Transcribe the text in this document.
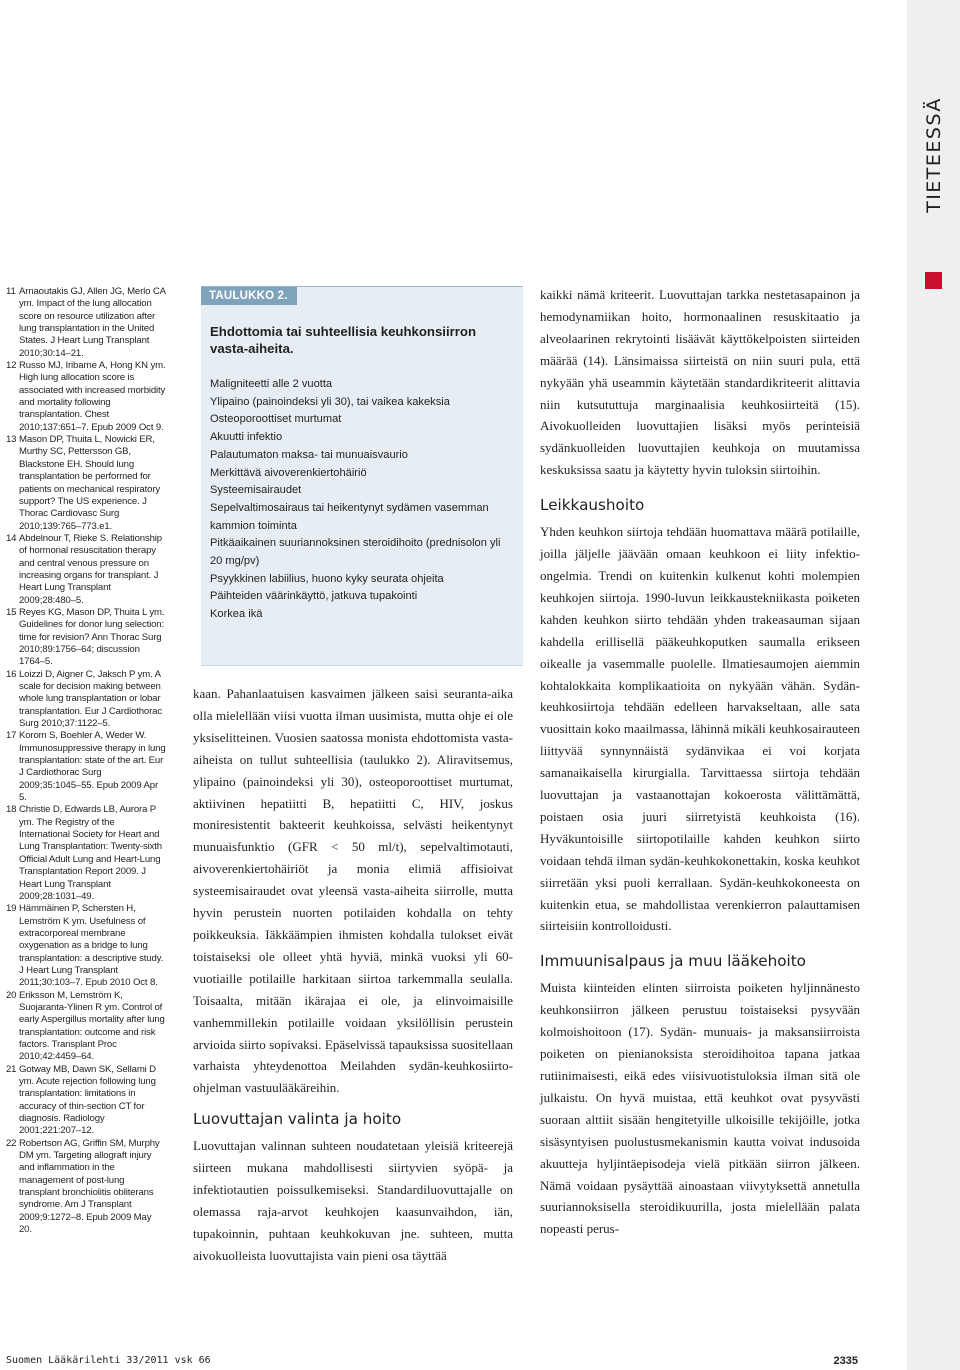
11 Arnaoutakis GJ, Allen JG, Merlo CA ym. Impact of the lung allocation score on resource utilization after lung transplantation in the United States. J Heart Lung Transplant 2010;30:14–21.
12 Russo MJ, Iribarne A, Hong KN ym. High lung allocation score is associated with increased morbidity and mortality following transplantation. Chest 2010;137:651–7. Epub 2009 Oct 9.
13 Mason DP, Thuita L, Nowicki ER, Murthy SC, Pettersson GB, Blackstone EH. Should lung transplantation be performed for patients on mechanical respiratory support? The US experience. J Thorac Cardiovasc Surg 2010;139:765–773.e1.
14 Abdelnour T, Rieke S. Relationship of hormonal resuscitation therapy and central venous pressure on increasing organs for transplant. J Heart Lung Transplant 2009;28:480–5.
15 Reyes KG, Mason DP, Thuita L ym. Guidelines for donor lung selection: time for revision? Ann Thorac Surg 2010;89:1756–64; discussion 1764–5.
16 Loizzi D, Aigner C, Jaksch P ym. A scale for decision making between whole lung transplantation or lobar transplantation. Eur J Cardiothorac Surg 2010;37:1122–5.
17 Korom S, Boehler A, Weder W. Immunosuppressive therapy in lung transplantation: state of the art. Eur J Cardiothorac Surg 2009;35:1045–55. Epub 2009 Apr 5.
18 Christie D, Edwards LB, Aurora P ym. The Registry of the International Society for Heart and Lung Transplantation: Twenty-sixth Official Adult Lung and Heart-Lung Transplantation Report 2009. J Heart Lung Transplant 2009;28:1031–49.
19 Hämmäinen P, Schersten H, Lemström K ym. Usefulness of extracorporeal membrane oxygenation as a bridge to lung transplantation: a descriptive study. J Heart Lung Transplant 2011;30:103–7. Epub 2010 Oct 8.
20 Eriksson M, Lemström K, Suojaranta-Ylinen R ym. Control of early Aspergillus mortality after lung transplantation: outcome and risk factors. Transplant Proc 2010;42:4459–64.
21 Gotway MB, Dawn SK, Sellami D ym. Acute rejection following lung transplantation: limitations in accuracy of thin-section CT for diagnosis. Radiology 2001;221:207–12.
22 Robertson AG, Griffin SM, Murphy DM ym. Targeting allograft injury and inflammation in the management of post-lung transplant bronchiolitis obliterans syndrome. Am J Transplant 2009;9:1272–8. Epub 2009 May 20.
TAULUKKO 2.
Ehdottomia tai suhteellisia keuhkonsiirron vasta-aiheita.
Maligniteetti alle 2 vuotta
Ylipaino (painoindeksi yli 30), tai vaikea kakeksia
Osteoporoottiset murtumat
Akuutti infektio
Palautumaton maksa- tai munuaisvaurio
Merkittävä aivoverenkiertohäiriö
Systeemisairaudet
Sepelvaltimosairaus tai heikentynyt sydämen vasemman kammion toiminta
Pitkäaikainen suuriannoksinen steroidihoito (prednisolon yli 20 mg/pv)
Psyykkinen labiilius, huono kyky seurata ohjeita
Päihteiden väärinkäyttö, jatkuva tupakointi
Korkea ikä

kaan. Pahanlaatuisen kasvaimen jälkeen saisi seuranta-aika olla mielellään viisi vuotta ilman uusimista, mutta ohje ei ole yksiselitteinen. Vuosien saatossa monista ehdottomista vasta-aiheista on tullut suhteellisia (taulukko 2). Aliravitsemus, ylipaino (painoindeksi yli 30), osteoporoottiset murtumat, aktiivinen hepatiitti B, hepatiitti C, HIV, joskus moniresistentit bakteerit keuhkoissa, selvästi heikentynyt munuaisfunktio (GFR < 50 ml/t), sepelvaltimotauti, aivoverenkiertohäiriöt ja monia elimiä affisioivat systeemisairaudet ovat yleensä vasta-aiheita siirrolle, mutta hyvin perustein nuorten potilaiden kohdalla on tehty poikkeuksia. Iäkkäämpien ihmisten kohdalla tulokset eivät toistaiseksi ole olleet yhtä hyviä, minkä vuoksi yli 60-vuotiaille potilaille harkitaan siirtoa tarkemmalla seulalla. Toisaalta, mitään ikärajaa ei ole, ja elinvoimaisille vanhemmillekin potilaille voidaan yksilöllisin perustein arvioida siirto sopivaksi. Epäselvissä tapauksissa suositellaan varhaista yhteydenottoa Meilahden sydän-keuhkosiirto-ohjelman vastuulääkäreihin.

Luovuttajan valinta ja hoito

Luovuttajan valinnan suhteen noudatetaan yleisiä kriteerejä siirteen mukana mahdollisesti siirtyvien syöpä- ja infektiotautien poissulkemiseksi. Standardiluovuttajalle on olemassa raja-arvot keuhkojen kaasunvaihdon, iän, tupakoinnin, puhtaan keuhkokuvan jne. suhteen, mutta aivokuolleista luovuttajista vain pieni osa täyttää

kaikki nämä kriteerit. Luovuttajan tarkka nestetasapainon ja hemodynamiikan hoito, hormonaalinen resuskitaatio ja alveolaarinen rekrytointi lisäävät käyttökelpoisten siirteiden määrää (14). Länsimaissa siirteistä on niin suuri pula, että nykyään yhä useammin käytetään standardikriteerit alittavia niin kutsututtuja marginaalisia keuhkosiirteitä (15). Aivokuolleiden luovuttajien lisäksi myös perinteisiä sydänkuolleiden luovuttajien keuhkoja on muutamissa keskuksissa saatu ja käytetty hyvin tuloksin siirtoihin.

Leikkaushoito

Yhden keuhkon siirtoja tehdään huomattava määrä potilaille, joilla jäljelle jäävään omaan keuhkoon ei liity infektio-ongelmia. Trendi on kuitenkin kulkenut kohti molempien keuhkojen siirtoja. 1990-luvun leikkaustekniikasta poiketen kahden keuhkon siirto tehdään yhden trakeasauman sijaan kahdella erillisellä pääkeuhkoputken saumalla erikseen oikealle ja vasemmalle puolelle. Ilmatiesaumojen aiemmin kohtalokkaita komplikaatioita on nykyään vähän. Sydän-keuhkosiirtoja tehdään edelleen harvakseltaan, alle sata vuosittain koko maailmassa, lähinnä mikäli keuhkosairauteen liittyvää synnynnäistä sydänvikaa ei voi korjata samanaikaisella kirurgialla. Tarvittaessa siirtoja tehdään luovuttajan ja vastaanottajan kokoerosta välittämättä, poistaen osia juuri siirretyistä keuhkoista (16). Hyväkuntoisille siirtopotilaille kahden keuhkon siirto voidaan tehdä ilman sydän-keuhkokonettakin, koska keuhkot siirretään yksi puoli kerrallaan. Sydän-keuhkokoneesta on kuitenkin etua, se mahdollistaa verenkierron palauttamisen siirteisiin kontrolloidusti.

Immuunisalpaus ja muu lääkehoito

Muista kiinteiden elinten siirroista poiketen hyljinnänesto keuhkonsiirron jälkeen perustuu toistaiseksi pysyvään kolmoishoitoon (17). Sydän- munuais- ja maksansiirroista poiketen on pienianoksista steroidihoitoa tapana jatkaa rutiinimaisesti, eikä edes viisivuotistuloksia ilman sitä ole julkaistu. On hyvä muistaa, että keuhkot ovat pysyvästi suoraan alttiit sisään hengitetyille ulkoisille tekijöille, jotka sisäsyntyisen puolustusmekanismin kautta voivat indusoida akuutteja hyljintäepisodeja vielä pitkään siirron jälkeen. Nämä voidaan pysäyttää ainoastaan viivytyksettä annetulla suuriannoksisella steroidikuurilla, josta mielellään palata nopeasti perus-

TIETEESSÄ
Suomen Lääkärilehti 33/2011 vsk 66	2335
